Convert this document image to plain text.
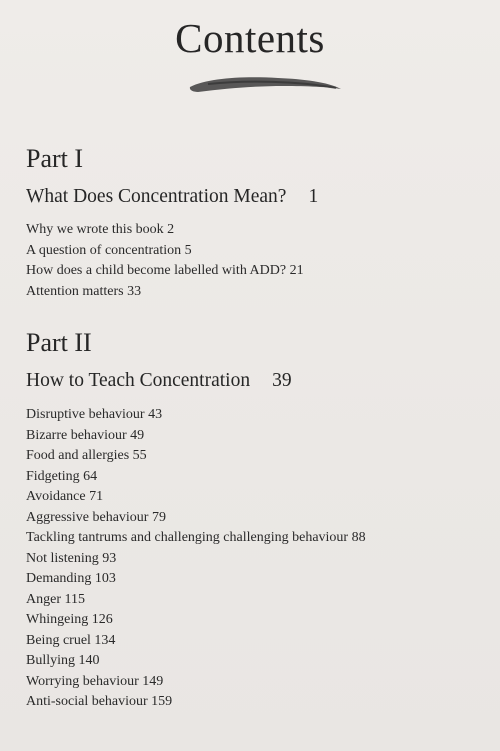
Contents
Part I
What Does Concentration Mean? 1
Why we wrote this book 2
A question of concentration 5
How does a child become labelled with ADD? 21
Attention matters 33
Part II
How to Teach Concentration 39
Disruptive behaviour 43
Bizarre behaviour 49
Food and allergies 55
Fidgeting 64
Avoidance 71
Aggressive behaviour 79
Tackling tantrums and challenging challenging behaviour 88
Not listening 93
Demanding 103
Anger 115
Whingeing 126
Being cruel 134
Bullying 140
Worrying behaviour 149
Anti-social behaviour 159
